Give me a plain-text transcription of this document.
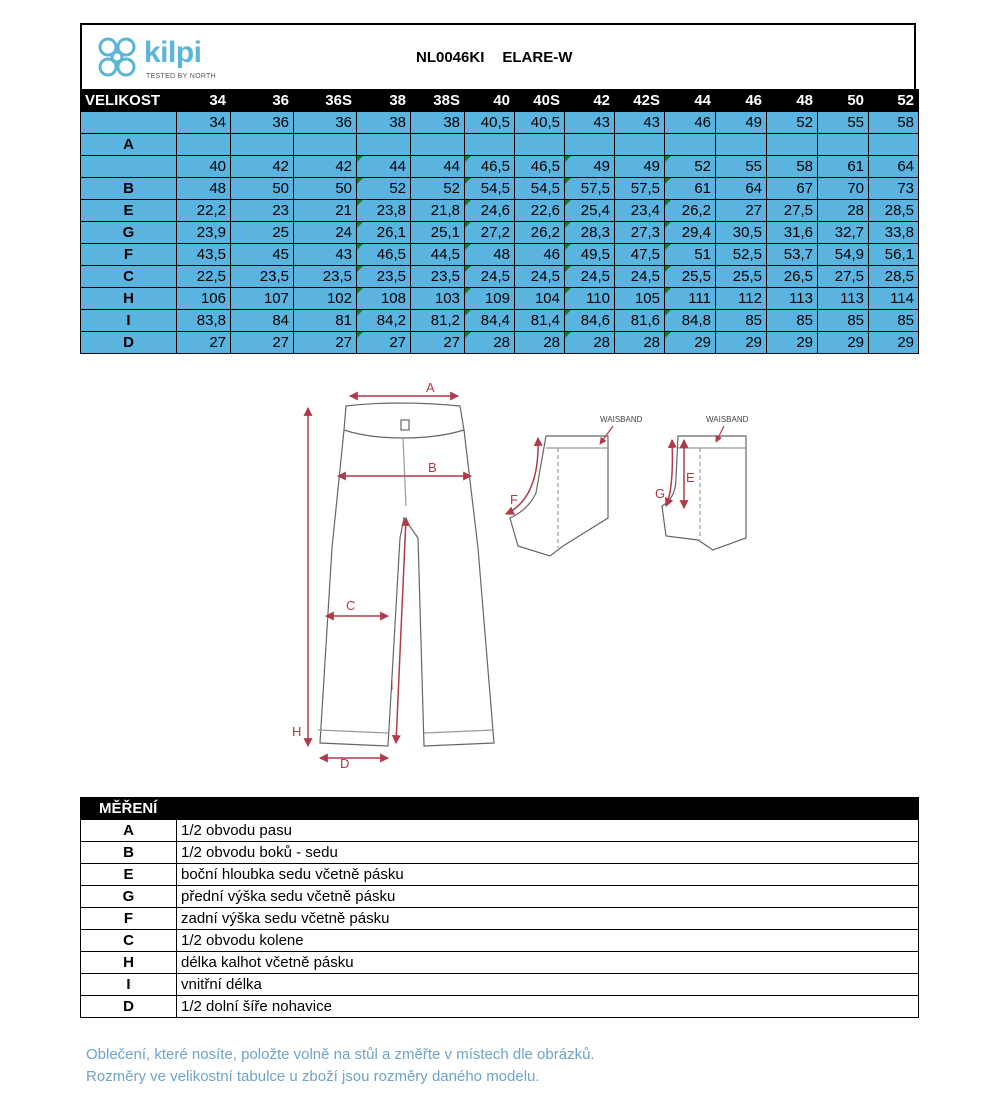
kilpi
TESTED BY NORTH
NL0046KI ELARE-W
VELIKOST	34	36	36S	38	38S	40	40S	42	42S	44	46	48	50	52
	34	36	36	38	38	40,5	40,5	43	43	46	49	52	55	58
A														
	40	42	42	44	44	46,5	46,5	49	49	52	55	58	61	64
B	48	50	50	52	52	54,5	54,5	57,5	57,5	61	64	67	70	73
E	22,2	23	21	23,8	21,8	24,6	22,6	25,4	23,4	26,2	27	27,5	28	28,5
G	23,9	25	24	26,1	25,1	27,2	26,2	28,3	27,3	29,4	30,5	31,6	32,7	33,8
F	43,5	45	43	46,5	44,5	48	46	49,5	47,5	51	52,5	53,7	54,9	56,1
C	22,5	23,5	23,5	23,5	23,5	24,5	24,5	24,5	24,5	25,5	25,5	26,5	27,5	28,5
H	106	107	102	108	103	109	104	110	105	111	112	113	113	114
I	83,8	84	81	84,2	81,2	84,4	81,4	84,6	81,6	84,8	85	85	85	85
D	27	27	27	27	27	28	28	28	28	29	29	29	29	29
A
B
C
H
I
D
WAISBAND
F
WAISBAND
E
G
MĚŘENÍ	
A	1/2 obvodu pasu
B	1/2 obvodu boků - sedu
E	boční hloubka sedu včetně pásku
G	přední výška sedu včetně pásku
F	zadní výška sedu včetně pásku
C	1/2 obvodu kolene
H	délka kalhot včetně pásku
I	vnitřní délka
D	1/2 dolní šíře nohavice
Oblečení, které nosíte, položte volně na stůl a změřte v místech dle obrázků.
Rozměry ve velikostní tabulce u zboží jsou rozměry daného modelu.
